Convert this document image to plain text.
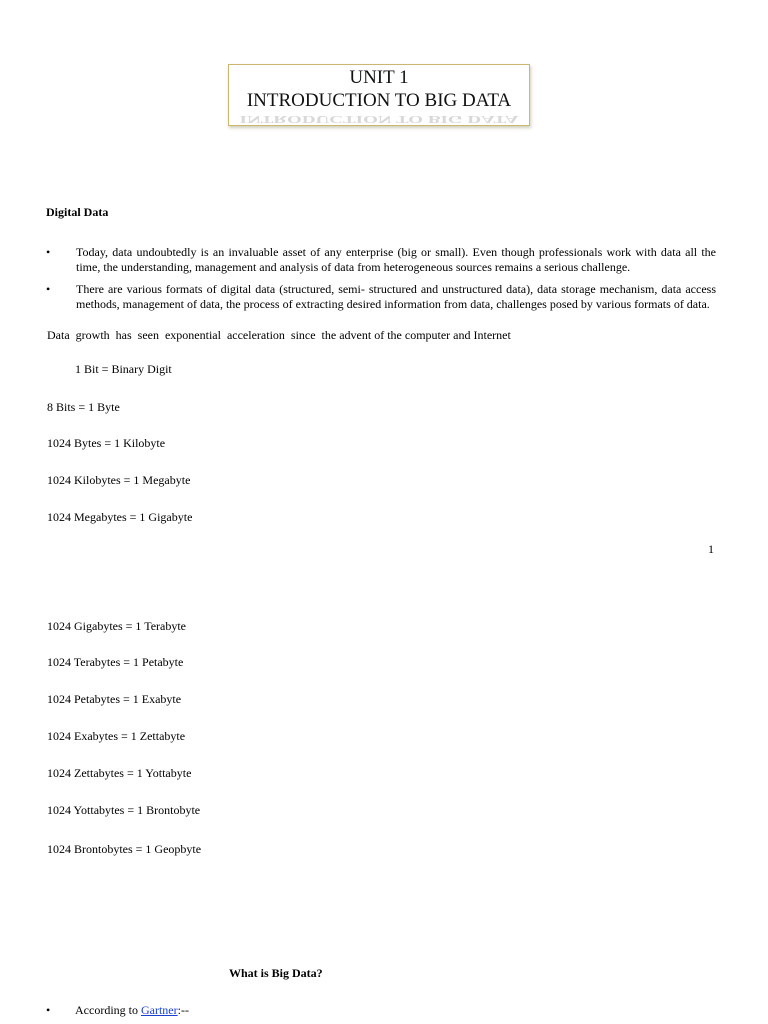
UNIT 1
INTRODUCTION TO BIG DATA
INTRODUCTION TO BIG DATA
Digital Data
• Today, data undoubtedly is an invaluable asset of any enterprise (big or small). Even though professionals work with data all the time, the understanding, management and analysis of data from heterogeneous sources remains a serious challenge.
• There are various formats of digital data (structured, semi- structured and unstructured data), data storage mechanism, data access methods, management of data, the process of extracting desired information from data, challenges posed by various formats of data.
Data  growth  has  seen  exponential  acceleration  since  the advent of the computer and Internet
1 Bit = Binary Digit
8 Bits = 1 Byte
1024 Bytes = 1 Kilobyte
1024 Kilobytes = 1 Megabyte
1024 Megabytes = 1 Gigabyte
1
1024 Gigabytes = 1 Terabyte
1024 Terabytes = 1 Petabyte
1024 Petabytes = 1 Exabyte
1024 Exabytes = 1 Zettabyte
1024 Zettabytes = 1 Yottabyte
1024 Yottabytes = 1 Brontobyte
1024 Brontobytes = 1 Geopbyte
What is Big Data?
• According to Gartner:--
